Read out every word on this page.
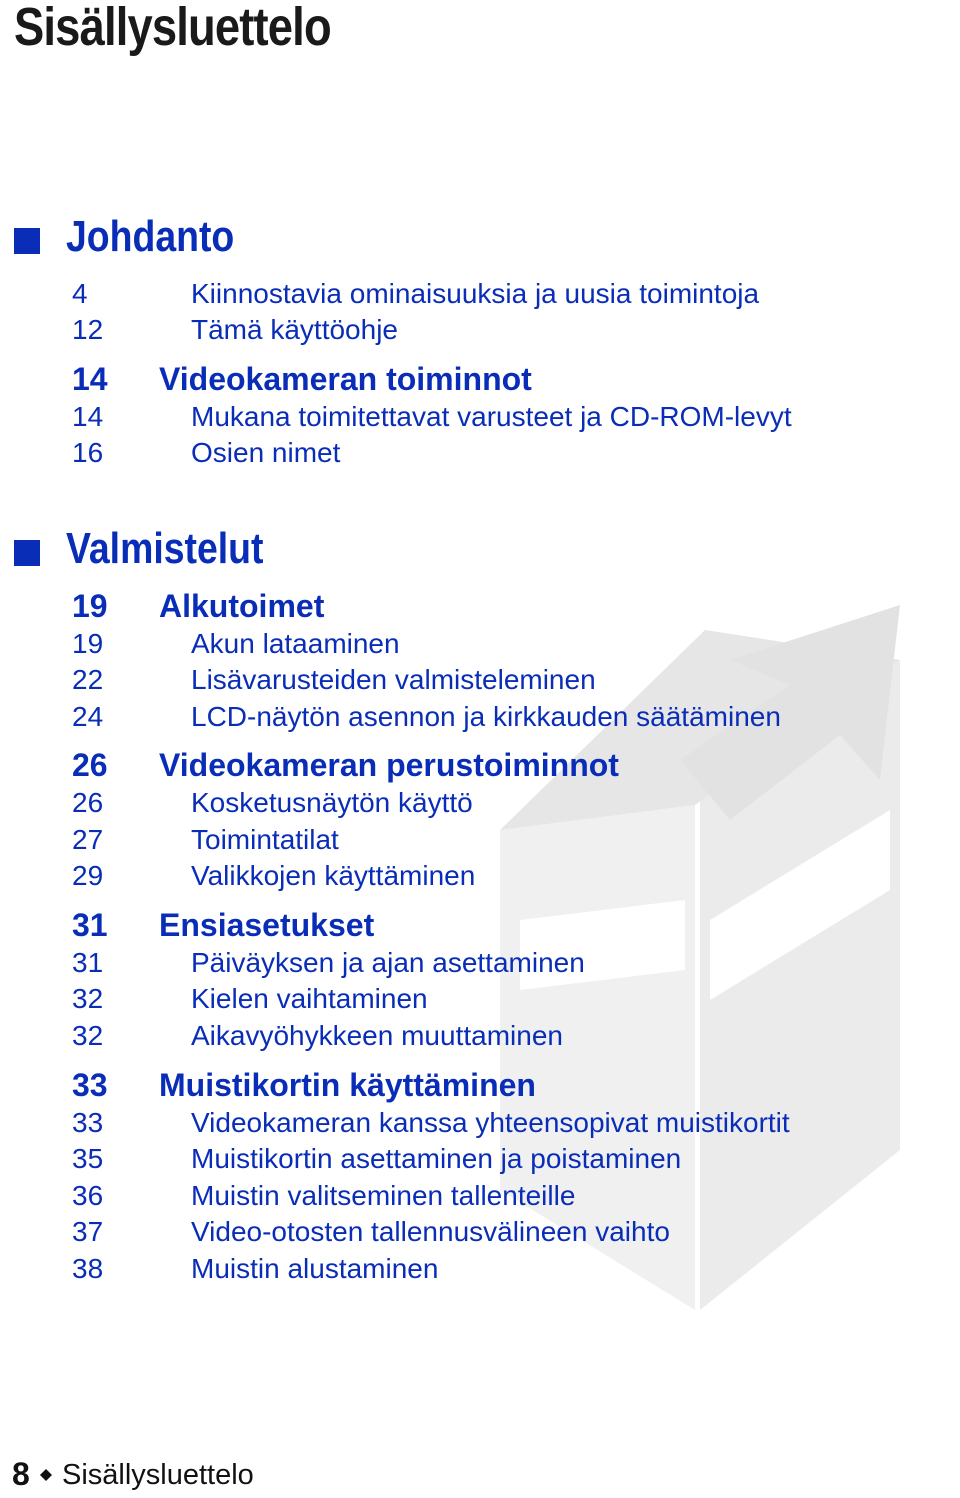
Sisällysluettelo
Johdanto
4	Kiinnostavia ominaisuuksia ja uusia toimintoja
12	Tämä käyttöohje
14 Videokameran toiminnot
14	Mukana toimitettavat varusteet ja CD-ROM-levyt
16	Osien nimet
Valmistelut
19 Alkutoimet
19	Akun lataaminen
22	Lisävarusteiden valmisteleminen
24	LCD-näytön asennon ja kirkkauden säätäminen
26 Videokameran perustoiminnot
26	Kosketusnäytön käyttö
27	Toimintatilat
29	Valikkojen käyttäminen
31 Ensiasetukset
31	Päiväyksen ja ajan asettaminen
32	Kielen vaihtaminen
32	Aikavyöhykkeen muuttaminen
33 Muistikortin käyttäminen
33	Videokameran kanssa yhteensopivat muistikortit
35	Muistikortin asettaminen ja poistaminen
36	Muistin valitseminen tallenteille
37	Video-otosten tallennusvälineen vaihto
38	Muistin alustaminen
8 Sisällysluettelo
